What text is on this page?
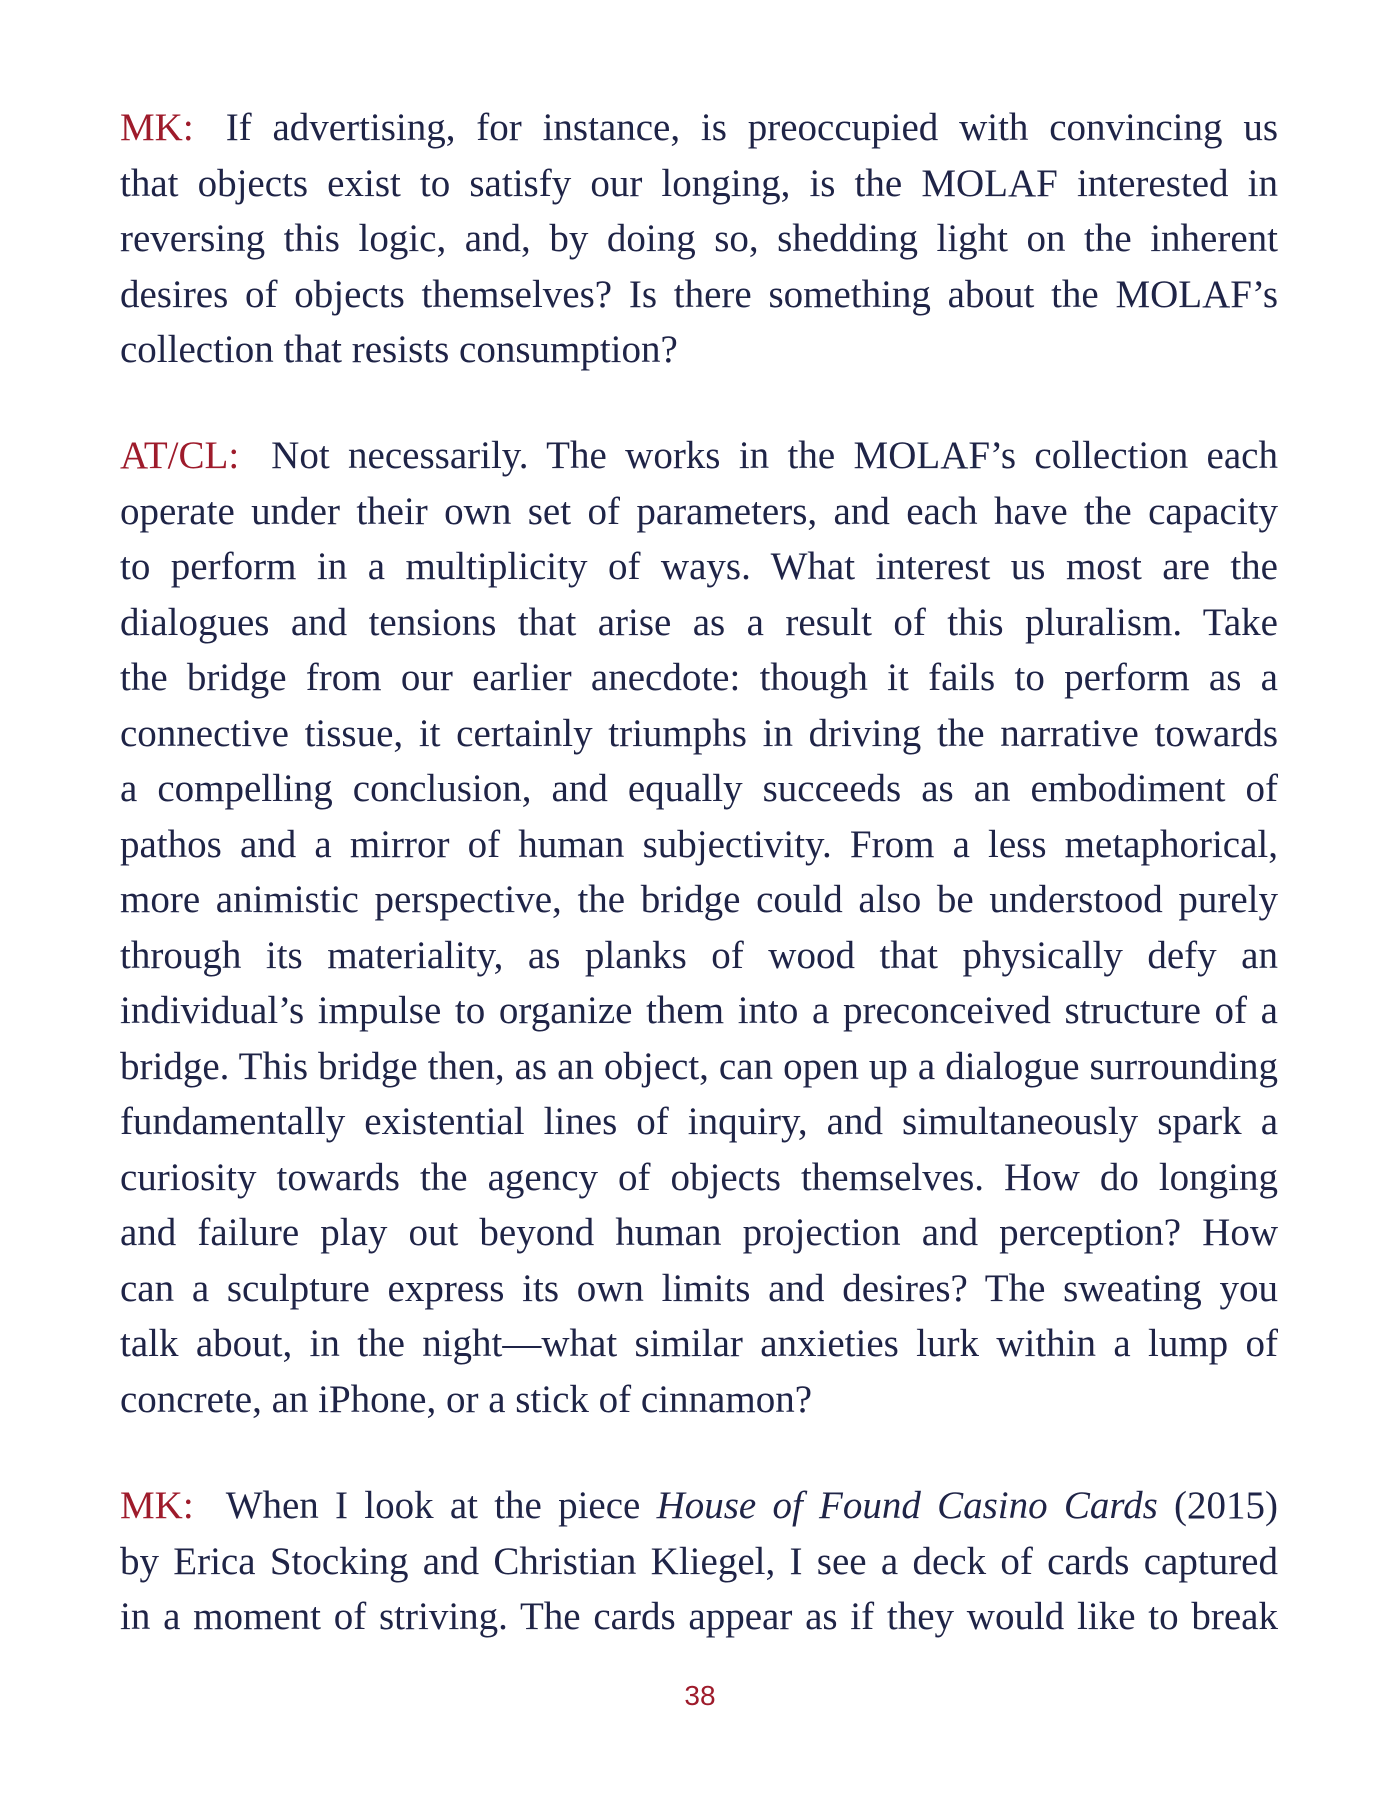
MK: If advertising, for instance, is preoccupied with convincing us
that objects exist to satisfy our longing, is the MOLAF interested in
reversing this logic, and, by doing so, shedding light on the inherent
desires of objects themselves? Is there something about the MOLAF’s
collection that resists consumption?
AT/CL: Not necessarily. The works in the MOLAF’s collection each
operate under their own set of parameters, and each have the capacity
to perform in a multiplicity of ways. What interest us most are the
dialogues and tensions that arise as a result of this pluralism. Take
the bridge from our earlier anecdote: though it fails to perform as a
connective tissue, it certainly triumphs in driving the narrative towards
a compelling conclusion, and equally succeeds as an embodiment of
pathos and a mirror of human subjectivity. From a less metaphorical,
more animistic perspective, the bridge could also be understood purely
through its materiality, as planks of wood that physically defy an
individual’s impulse to organize them into a preconceived structure of a
bridge. This bridge then, as an object, can open up a dialogue surrounding
fundamentally existential lines of inquiry, and simultaneously spark a
curiosity towards the agency of objects themselves. How do longing
and failure play out beyond human projection and perception? How
can a sculpture express its own limits and desires? The sweating you
talk about, in the night—what similar anxieties lurk within a lump of
concrete, an iPhone, or a stick of cinnamon?
MK: When I look at the piece House of Found Casino Cards (2015)
by Erica Stocking and Christian Kliegel, I see a deck of cards captured
in a moment of striving. The cards appear as if they would like to break
38
